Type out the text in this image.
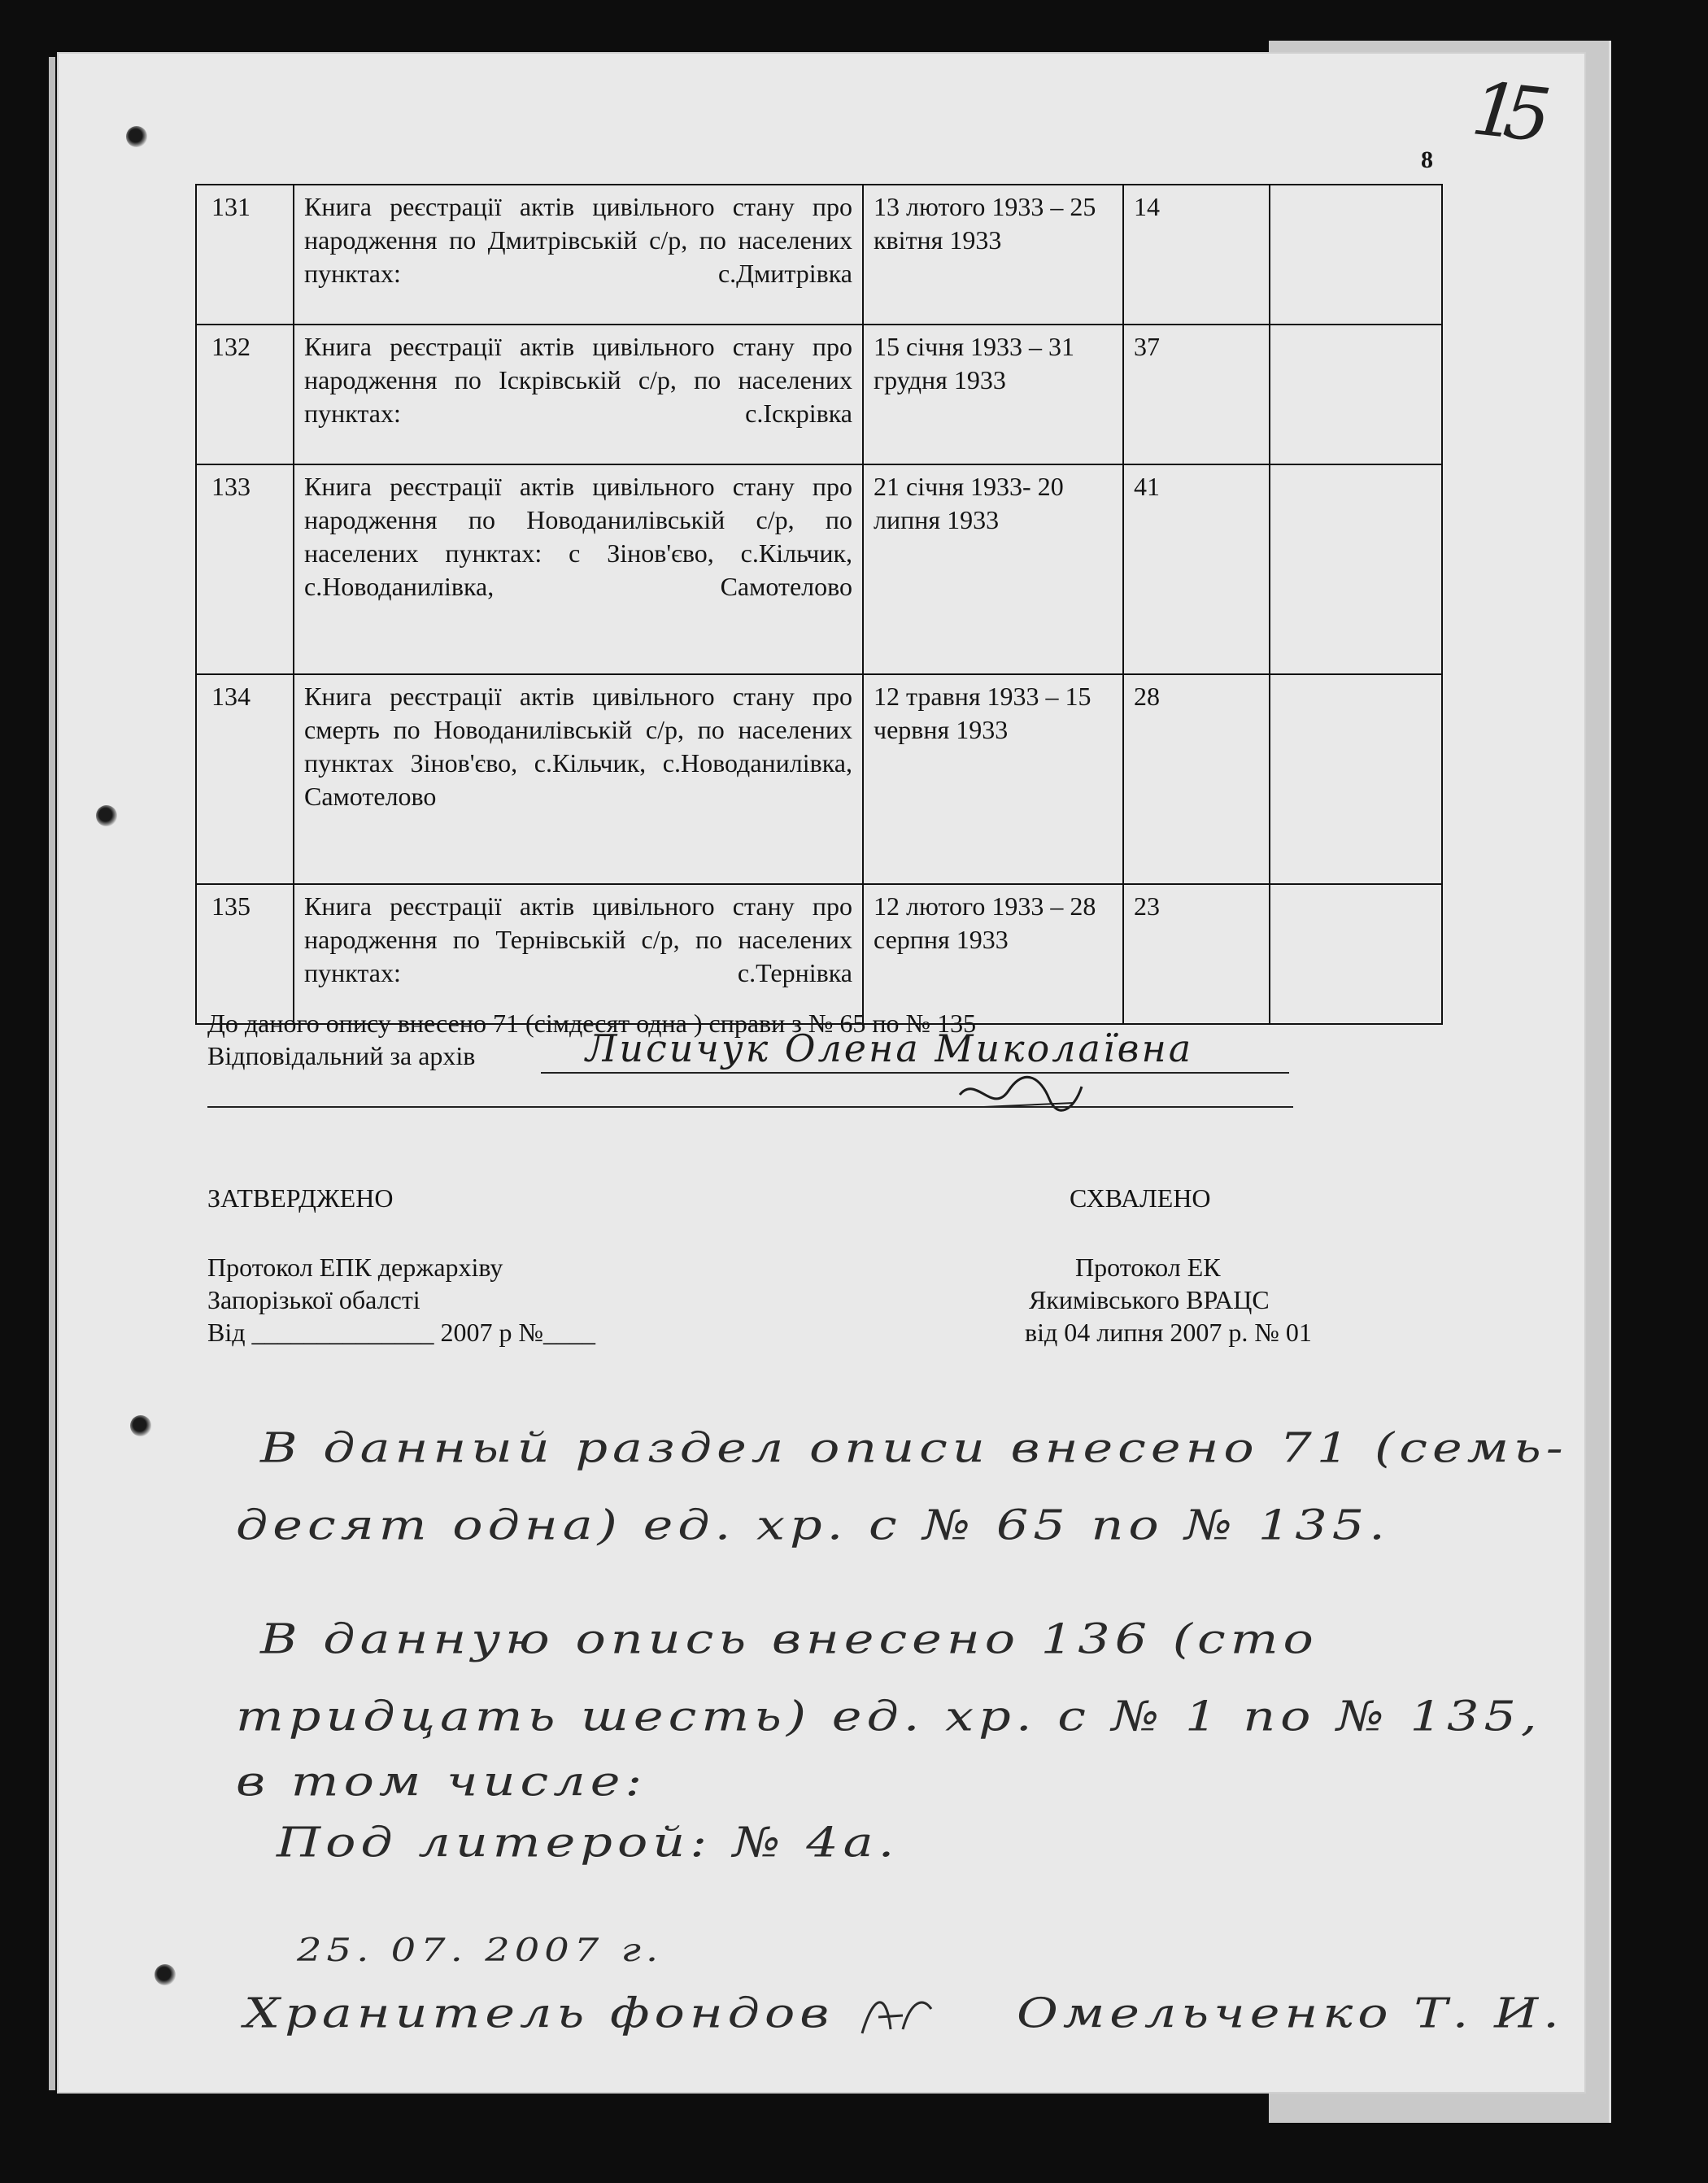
15
8
131	Книга реєстрації актів цивільного стану про народження по Дмитрівській с/р, по населених пунктах: с.Дмитрівка	13 лютого 1933 – 25 квітня 1933	14	
132	Книга реєстрації актів цивільного стану про народження по Іскрівській с/р, по населених пунктах: с.Іскрівка	15 січня 1933 – 31 грудня 1933	37	
133	Книга реєстрації актів цивільного стану про народження по Новоданилівській с/р, по населених пунктах: с Зінов'єво, с.Кільчик, с.Новоданилівка, Самотелово	21 січня 1933- 20 липня 1933	41	
134	Книга реєстрації актів цивільного стану про смерть по Новоданилівській с/р, по населених пунктах Зінов'єво, с.Кільчик, с.Новоданилівка, Самотелово	12 травня 1933 – 15 червня 1933	28	
135	Книга реєстрації актів цивільного стану про народження по Тернівській с/р, по населених пунктах: с.Тернівка	12 лютого 1933 – 28 серпня 1933	23	
До даного опису внесено 71 (сімдесят одна ) справи з № 65 по № 135
Відповідальний за архів	Лисичук Олена Миколаївна
ЗАТВЕРДЖЕНО
Протокол ЕПК держархіву
Запорізької обалсті
Від ______________ 2007 р №____
СХВАЛЕНО
Протокол ЕК
Якимівського ВРАЦС
від 04 липня 2007 р. № 01
В данный раздел описи внесено 71 (семь-
десят одна) ед. хр. с № 65 по № 135.
В данную опись внесено 136 (сто
тридцать шесть) ед. хр. с № 1 по № 135,
в том числе:
Под литерой: № 4а.
25. 07. 2007 г.
Хранитель фондов	Омельченко Т. И.
